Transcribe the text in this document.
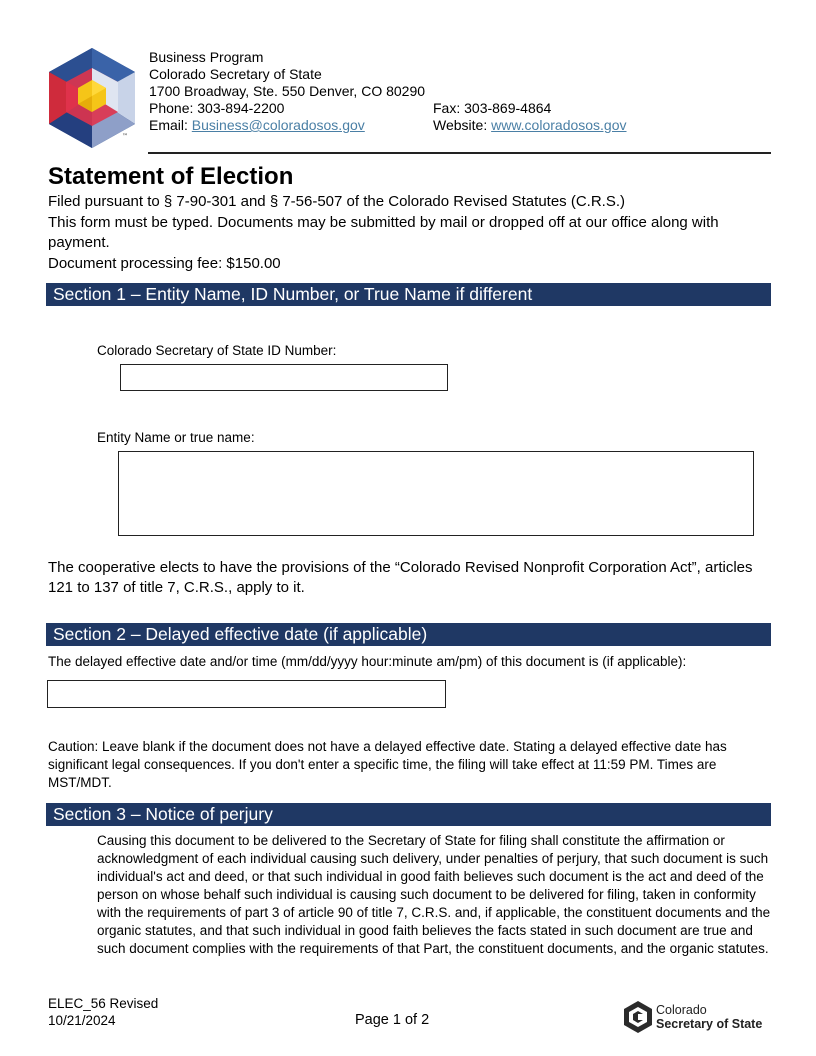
™
Business Program
Colorado Secretary of State
1700 Broadway, Ste. 550 Denver, CO 80290
Phone: 303-894-2200	Fax: 303-869-4864
Email: Business@coloradosos.gov	Website: www.coloradosos.gov
Statement of Election
Filed pursuant to § 7-90-301 and § 7-56-507 of the Colorado Revised Statutes (C.R.S.)
This form must be typed. Documents may be submitted by mail or dropped off at our office along with payment.
Document processing fee: $150.00
Section 1 – Entity Name, ID Number, or True Name if different
Colorado Secretary of State ID Number:
Entity Name or true name:
The cooperative elects to have the provisions of the “Colorado Revised Nonprofit Corporation Act”, articles 121 to 137 of title 7, C.R.S., apply to it.
Section 2 – Delayed effective date (if applicable)
The delayed effective date and/or time (mm/dd/yyyy hour:minute am/pm) of this document is (if applicable):
Caution: Leave blank if the document does not have a delayed effective date. Stating a delayed effective date has significant legal consequences. If you don't enter a specific time, the filing will take effect at 11:59 PM. Times are MST/MDT.
Section 3 – Notice of perjury
Causing this document to be delivered to the Secretary of State for filing shall constitute the affirmation or acknowledgment of each individual causing such delivery, under penalties of perjury, that such document is such individual's act and deed, or that such individual in good faith believes such document is the act and deed of the person on whose behalf such individual is causing such document to be delivered for filing, taken in conformity with the requirements of part 3 of article 90 of title 7, C.R.S. and, if applicable, the constituent documents and the organic statutes, and that such individual in good faith believes the facts stated in such document are true and such document complies with the requirements of that Part, the constituent documents, and the organic statutes.
ELEC_56 Revised
10/21/2024	Page 1 of 2
Colorado
Secretary of State
